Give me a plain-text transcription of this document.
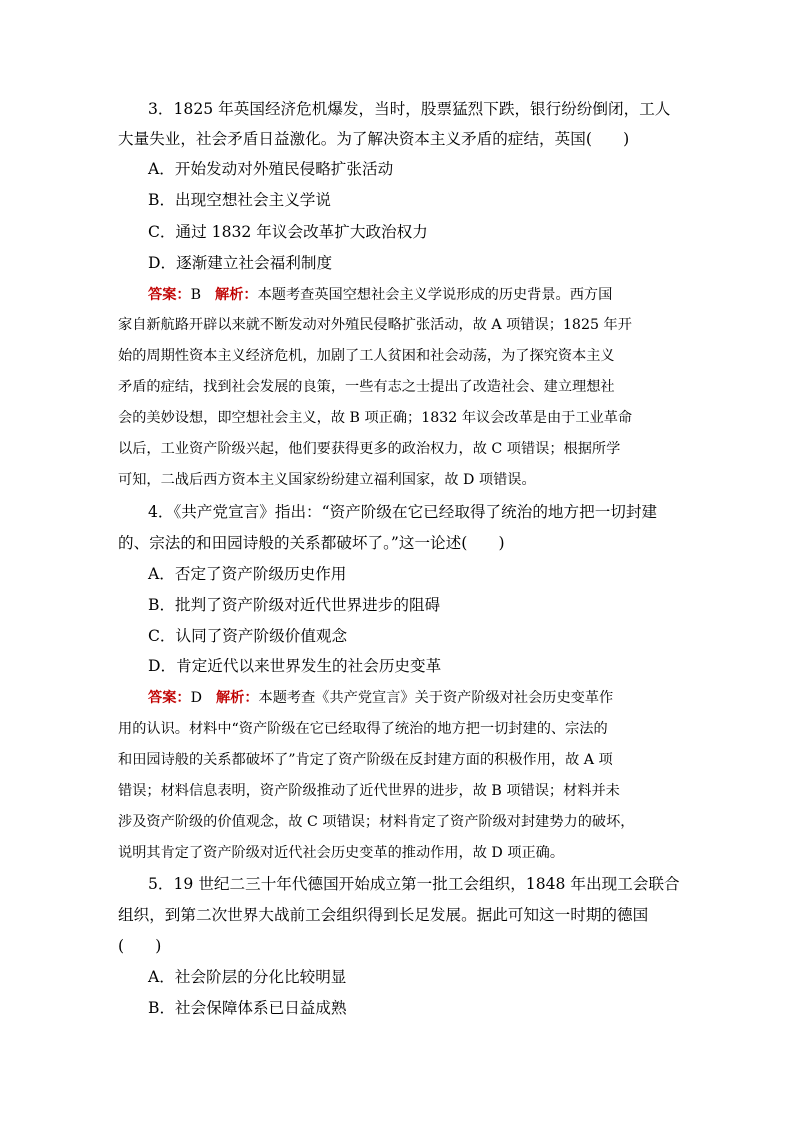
3．1825 年英国经济危机爆发，当时，股票猛烈下跌，银行纷纷倒闭，工人
大量失业，社会矛盾日益激化。为了解决资本主义矛盾的症结，英国(　　)
A．开始发动对外殖民侵略扩张活动
B．出现空想社会主义学说
C．通过 1832 年议会改革扩大政治权力
D．逐渐建立社会福利制度
答案：B 解析：本题考查英国空想社会主义学说形成的历史背景。西方国
家自新航路开辟以来就不断发动对外殖民侵略扩张活动，故 A 项错误；1825 年开
始的周期性资本主义经济危机，加剧了工人贫困和社会动荡，为了探究资本主义
矛盾的症结，找到社会发展的良策，一些有志之士提出了改造社会、建立理想社
会的美妙设想，即空想社会主义，故 B 项正确；1832 年议会改革是由于工业革命
以后，工业资产阶级兴起，他们要获得更多的政治权力，故 C 项错误；根据所学
可知，二战后西方资本主义国家纷纷建立福利国家，故 D 项错误。
4．《共产党宣言》指出：“资产阶级在它已经取得了统治的地方把一切封建
的、宗法的和田园诗般的关系都破坏了。”这一论述(　　)
A．否定了资产阶级历史作用
B．批判了资产阶级对近代世界进步的阻碍
C．认同了资产阶级价值观念
D．肯定近代以来世界发生的社会历史变革
答案：D 解析：本题考查《共产党宣言》关于资产阶级对社会历史变革作
用的认识。材料中“资产阶级在它已经取得了统治的地方把一切封建的、宗法的
和田园诗般的关系都破坏了”肯定了资产阶级在反封建方面的积极作用，故 A 项
错误；材料信息表明，资产阶级推动了近代世界的进步，故 B 项错误；材料并未
涉及资产阶级的价值观念，故 C 项错误；材料肯定了资产阶级对封建势力的破坏，
说明其肯定了资产阶级对近代社会历史变革的推动作用，故 D 项正确。
5．19 世纪二三十年代德国开始成立第一批工会组织，1848 年出现工会联合
组织，到第二次世界大战前工会组织得到长足发展。据此可知这一时期的德国
(　　)
A．社会阶层的分化比较明显
B．社会保障体系已日益成熟
